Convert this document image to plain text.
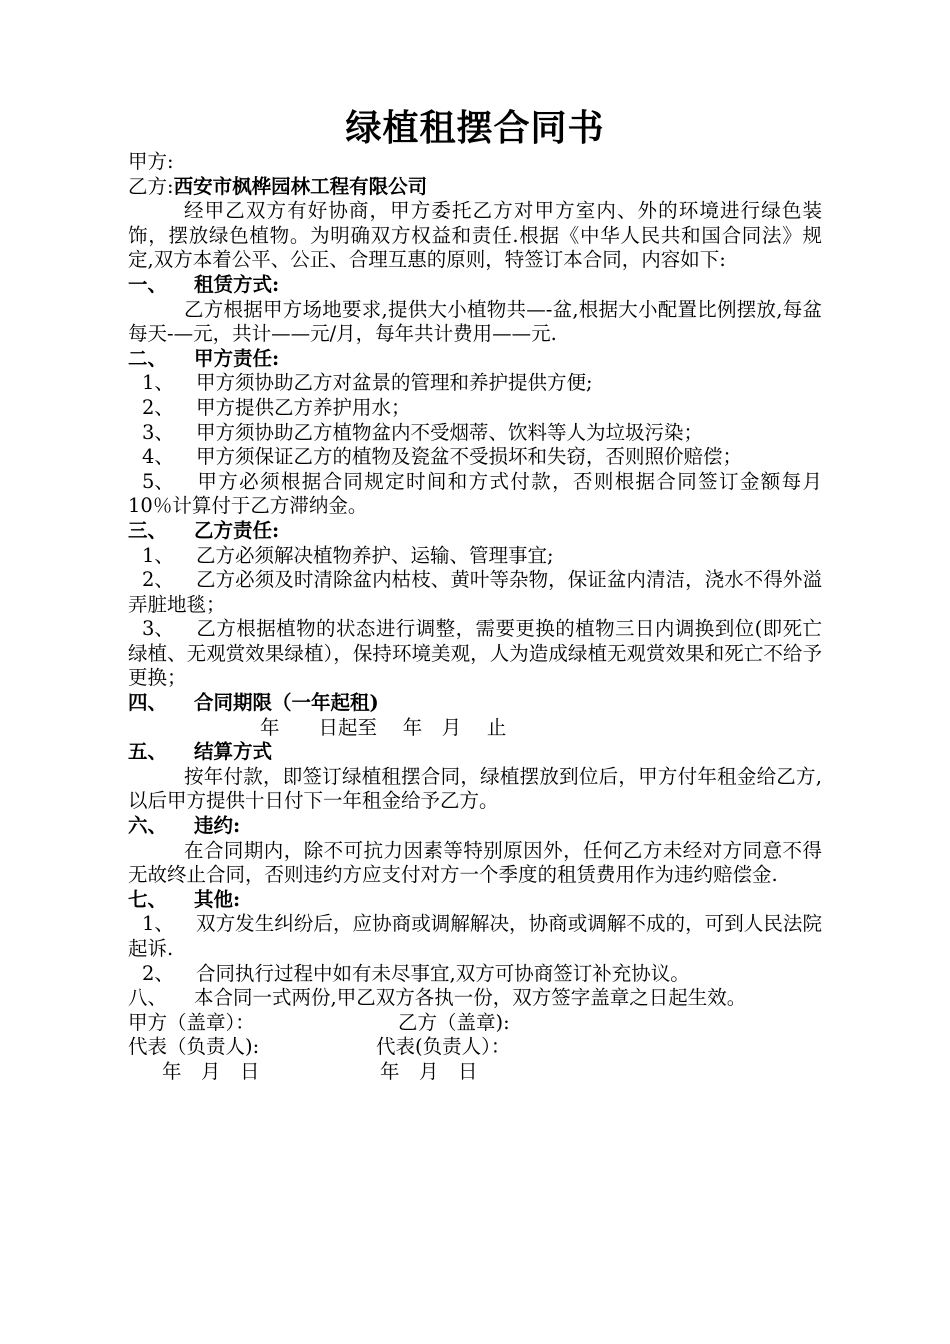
绿植租摆合同书
甲方:
乙方:西安市枫桦园林工程有限公司
经甲乙双方有好协商，甲方委托乙方对甲方室内、外的环境进行绿色装饰，摆放绿色植物。为明确双方权益和责任.根据《中华人民共和国合同法》规定,双方本着公平、公正、合理互惠的原则，特签订本合同，内容如下:
一、 租赁方式:
乙方根据甲方场地要求,提供大小植物共—-盆,根据大小配置比例摆放,每盆每天-—元，共计——元/月，每年共计费用——元.
二、 甲方责任:
1、 甲方须协助乙方对盆景的管理和养护提供方便;
2、 甲方提供乙方养护用水；
3、 甲方须协助乙方植物盆内不受烟蒂、饮料等人为垃圾污染；
4、 甲方须保证乙方的植物及瓷盆不受损坏和失窃，否则照价赔偿；
5、 甲方必须根据合同规定时间和方式付款，否则根据合同签订金额每月10％计算付于乙方滞纳金。
三、 乙方责任:
1、 乙方必须解决植物养护、运输、管理事宜;
2、 乙方必须及时清除盆内枯枝、黄叶等杂物，保证盆内清洁，浇水不得外溢弄脏地毯；
3、 乙方根据植物的状态进行调整，需要更换的植物三日内调换到位(即死亡绿植、无观赏效果绿植），保持环境美观，人为造成绿植无观赏效果和死亡不给予更换；
四、 合同期限（一年起租)
年　　日起至　 年　月　 止
五、 结算方式
按年付款，即签订绿植租摆合同，绿植摆放到位后，甲方付年租金给乙方,以后甲方提供十日付下一年租金给予乙方。
六、 违约:
在合同期内，除不可抗力因素等特别原因外，任何乙方未经对方同意不得无故终止合同，否则违约方应支付对方一个季度的租赁费用作为违约赔偿金.
七、 其他:
1、 双方发生纠纷后，应协商或调解解决，协商或调解不成的，可到人民法院起诉.
2、 合同执行过程中如有未尽事宜,双方可协商签订补充协议。
八、 本合同一式两份,甲乙双方各执一份，双方签字盖章之日起生效。
甲方（盖章）：	乙方（盖章):
代表（负责人):	代表(负责人）：
年　月　日	年　月　日
